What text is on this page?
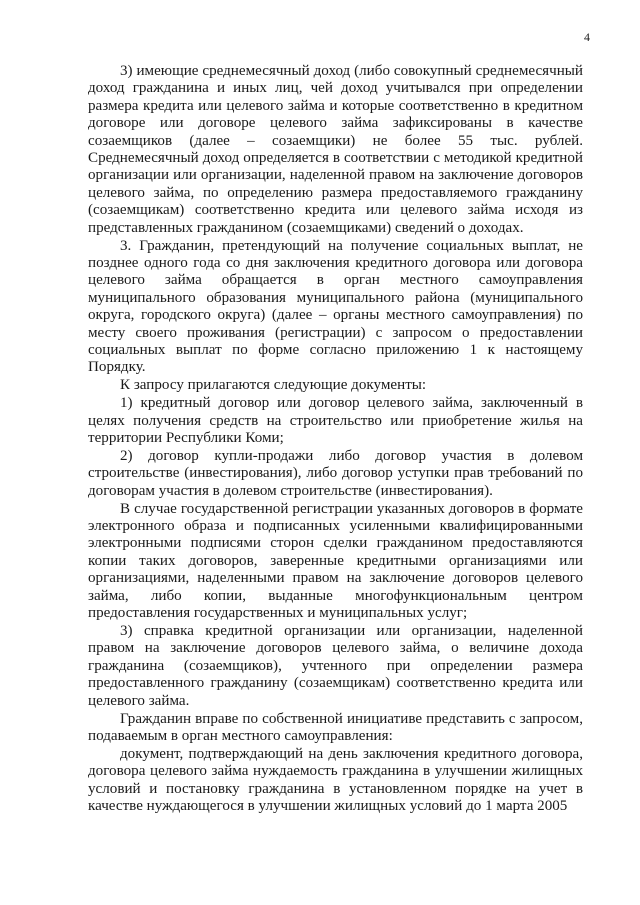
4

3) имеющие среднемесячный доход (либо совокупный среднемесячный доход гражданина и иных лиц, чей доход учитывался при определении размера кредита или целевого займа и которые соответственно в кредитном договоре или договоре целевого займа зафиксированы в качестве созаемщиков (далее – созаемщики) не более 55 тыс. рублей. Среднемесячный доход определяется в соответствии с методикой кредитной организации или организации, наделенной правом на заключение договоров целевого займа, по определению размера предоставляемого гражданину (созаемщикам) соответственно кредита или целевого займа исходя из представленных гражданином (созаемщиками) сведений о доходах.

3. Гражданин, претендующий на получение социальных выплат, не позднее одного года со дня заключения кредитного договора или договора целевого займа обращается в орган местного самоуправления муниципального образования муниципального района (муниципального округа, городского округа) (далее – органы местного самоуправления) по месту своего проживания (регистрации) с запросом о предоставлении социальных выплат по форме согласно приложению 1 к настоящему Порядку.

К запросу прилагаются следующие документы:

1) кредитный договор или договор целевого займа, заключенный в целях получения средств на строительство или приобретение жилья на территории Республики Коми;

2) договор купли-продажи либо договор участия в долевом строительстве (инвестирования), либо договор уступки прав требований по договорам участия в долевом строительстве (инвестирования).

В случае государственной регистрации указанных договоров в формате электронного образа и подписанных усиленными квалифицированными электронными подписями сторон сделки гражданином предоставляются копии таких договоров, заверенные кредитными организациями или организациями, наделенными правом на заключение договоров целевого займа, либо копии, выданные многофункциональным центром предоставления государственных и муниципальных услуг;

3) справка кредитной организации или организации, наделенной правом на заключение договоров целевого займа, о величине дохода гражданина (созаемщиков), учтенного при определении размера предоставленного гражданину (созаемщикам) соответственно кредита или целевого займа.

Гражданин вправе по собственной инициативе представить с запросом, подаваемым в орган местного самоуправления:

документ, подтверждающий на день заключения кредитного договора, договора целевого займа нуждаемость гражданина в улучшении жилищных условий и постановку гражданина в установленном порядке на учет в качестве нуждающегося в улучшении жилищных условий до 1 марта 2005
